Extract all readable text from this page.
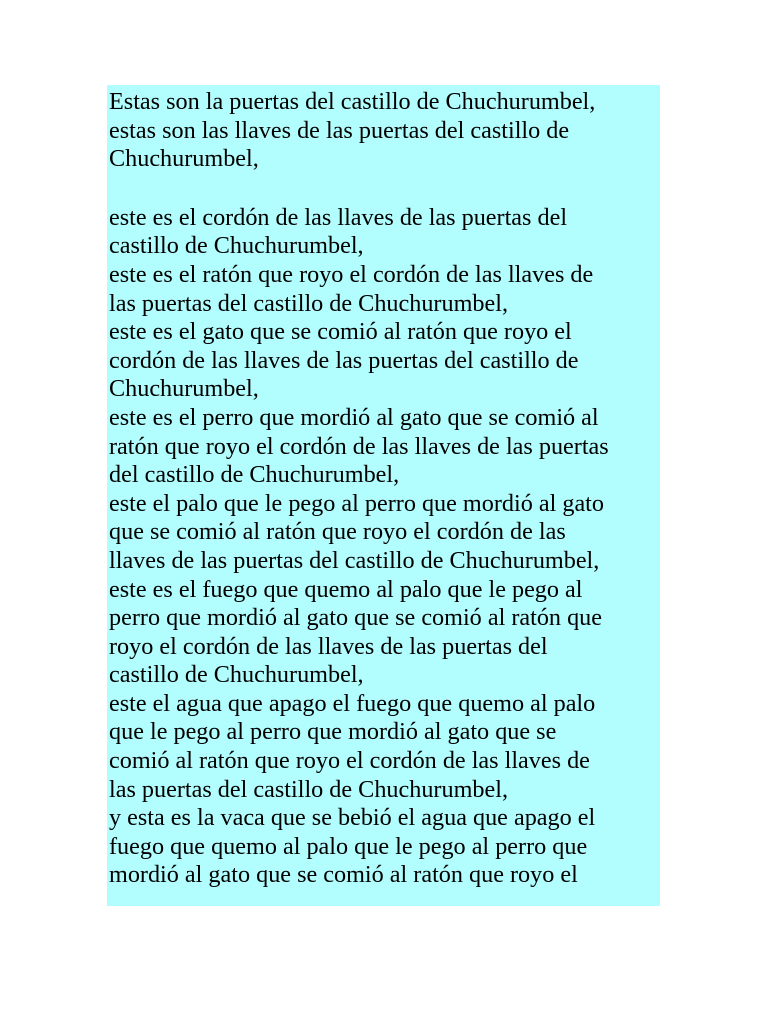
Estas son la puertas del castillo de Chuchurumbel,
estas son las llaves de las puertas del castillo de
Chuchurumbel,
este es el cordón de las llaves de las puertas del
castillo de Chuchurumbel,
este es el ratón que royo el cordón de las llaves de
las puertas del castillo de Chuchurumbel,
este es el gato que se comió al ratón que royo el
cordón de las llaves de las puertas del castillo de
Chuchurumbel,
este es el perro que mordió al gato que se comió al
ratón que royo el cordón de las llaves de las puertas
del castillo de Chuchurumbel,
este el palo que le pego al perro que mordió al gato
que se comió al ratón que royo el cordón de las
llaves de las puertas del castillo de Chuchurumbel,
este es el fuego que quemo al palo que le pego al
perro que mordió al gato que se comió al ratón que
royo el cordón de las llaves de las puertas del
castillo de Chuchurumbel,
este el agua que apago el fuego que quemo al palo
que le pego al perro que mordió al gato que se
comió al ratón que royo el cordón de las llaves de
las puertas del castillo de Chuchurumbel,
y esta es la vaca que se bebió el agua que apago el
fuego que quemo al palo que le pego al perro que
mordió al gato que se comió al ratón que royo el
